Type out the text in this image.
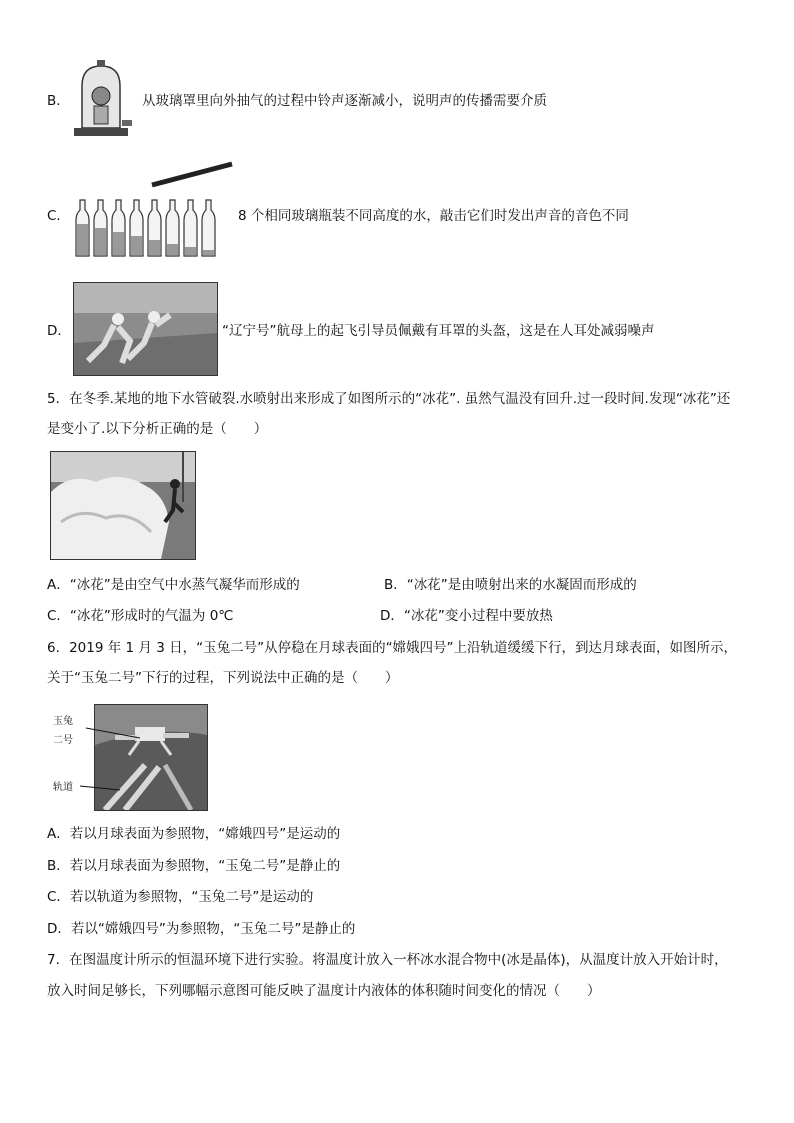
B．	从玻璃罩里向外抽气的过程中铃声逐渐减小，说明声的传播需要介质
C．	8 个相同玻璃瓶装不同高度的水，敲击它们时发出声音的音色不同
D．	“辽宁号”航母上的起飞引导员佩戴有耳罩的头盔，这是在人耳处减弱噪声
5．在冬季.某地的地下水管破裂.水喷射出来形成了如图所示的“冰花”. 虽然气温没有回升.过一段时间.发现“冰花”还
是变小了.以下分析正确的是（　　）
A．“冰花”是由空气中水蒸气凝华而形成的	B．“冰花”是由喷射出来的水凝固而形成的
C．“冰花”形成时的气温为 0℃	D．“冰花”变小过程中要放热
6．2019 年 1 月 3 日，“玉兔二号”从停稳在月球表面的“嫦娥四号”上沿轨道缓缓下行，到达月球表面，如图所示，
关于“玉兔二号”下行的过程，下列说法中正确的是（　　）
玉兔
二号
轨道
A．若以月球表面为参照物，“嫦娥四号”是运动的
B．若以月球表面为参照物，“玉兔二号”是静止的
C．若以轨道为参照物，“玉兔二号”是运动的
D．若以“嫦娥四号”为参照物，“玉兔二号”是静止的
7．在图温度计所示的恒温环境下进行实验。将温度计放入一杯冰水混合物中(冰是晶体)，从温度计放入开始计时，
放入时间足够长，下列哪幅示意图可能反映了温度计内液体的体积随时间变化的情况（　　）
